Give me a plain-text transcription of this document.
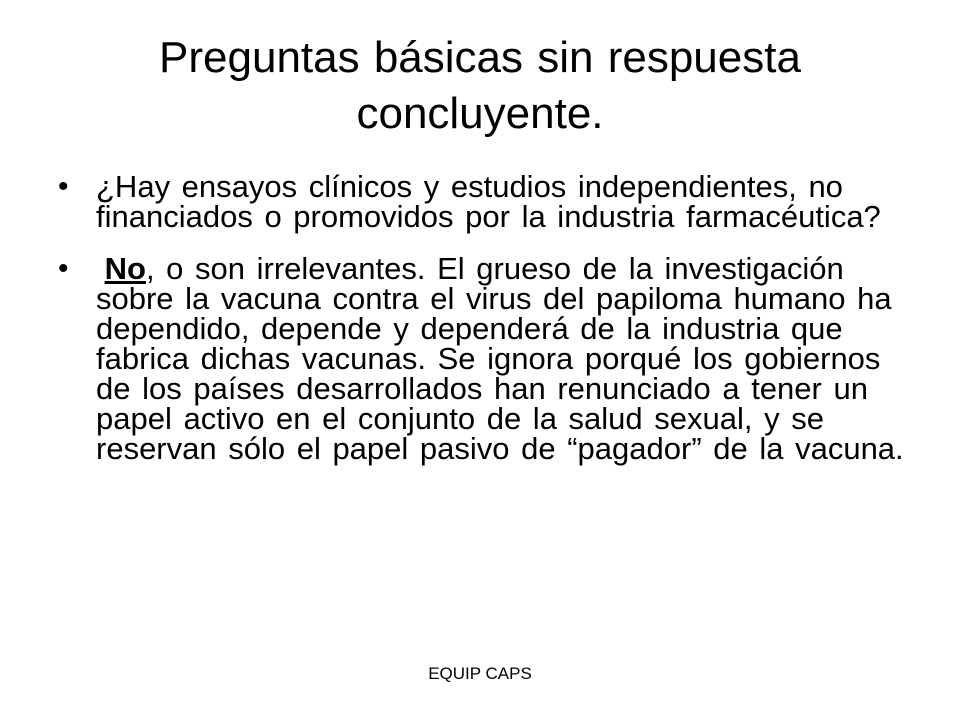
Preguntas básicas sin respuesta concluyente.
• ¿Hay ensayos clínicos y estudios independientes, no financiados o promovidos por la industria farmacéutica?
• No, o son irrelevantes. El grueso de la investigación sobre la vacuna contra el virus del papiloma humano ha dependido, depende y dependerá de la industria que fabrica dichas vacunas. Se ignora porqué los gobiernos de los países desarrollados han renunciado a tener un papel activo en el conjunto de la salud sexual, y se reservan sólo el papel pasivo de “pagador” de la vacuna.
EQUIP CAPS
